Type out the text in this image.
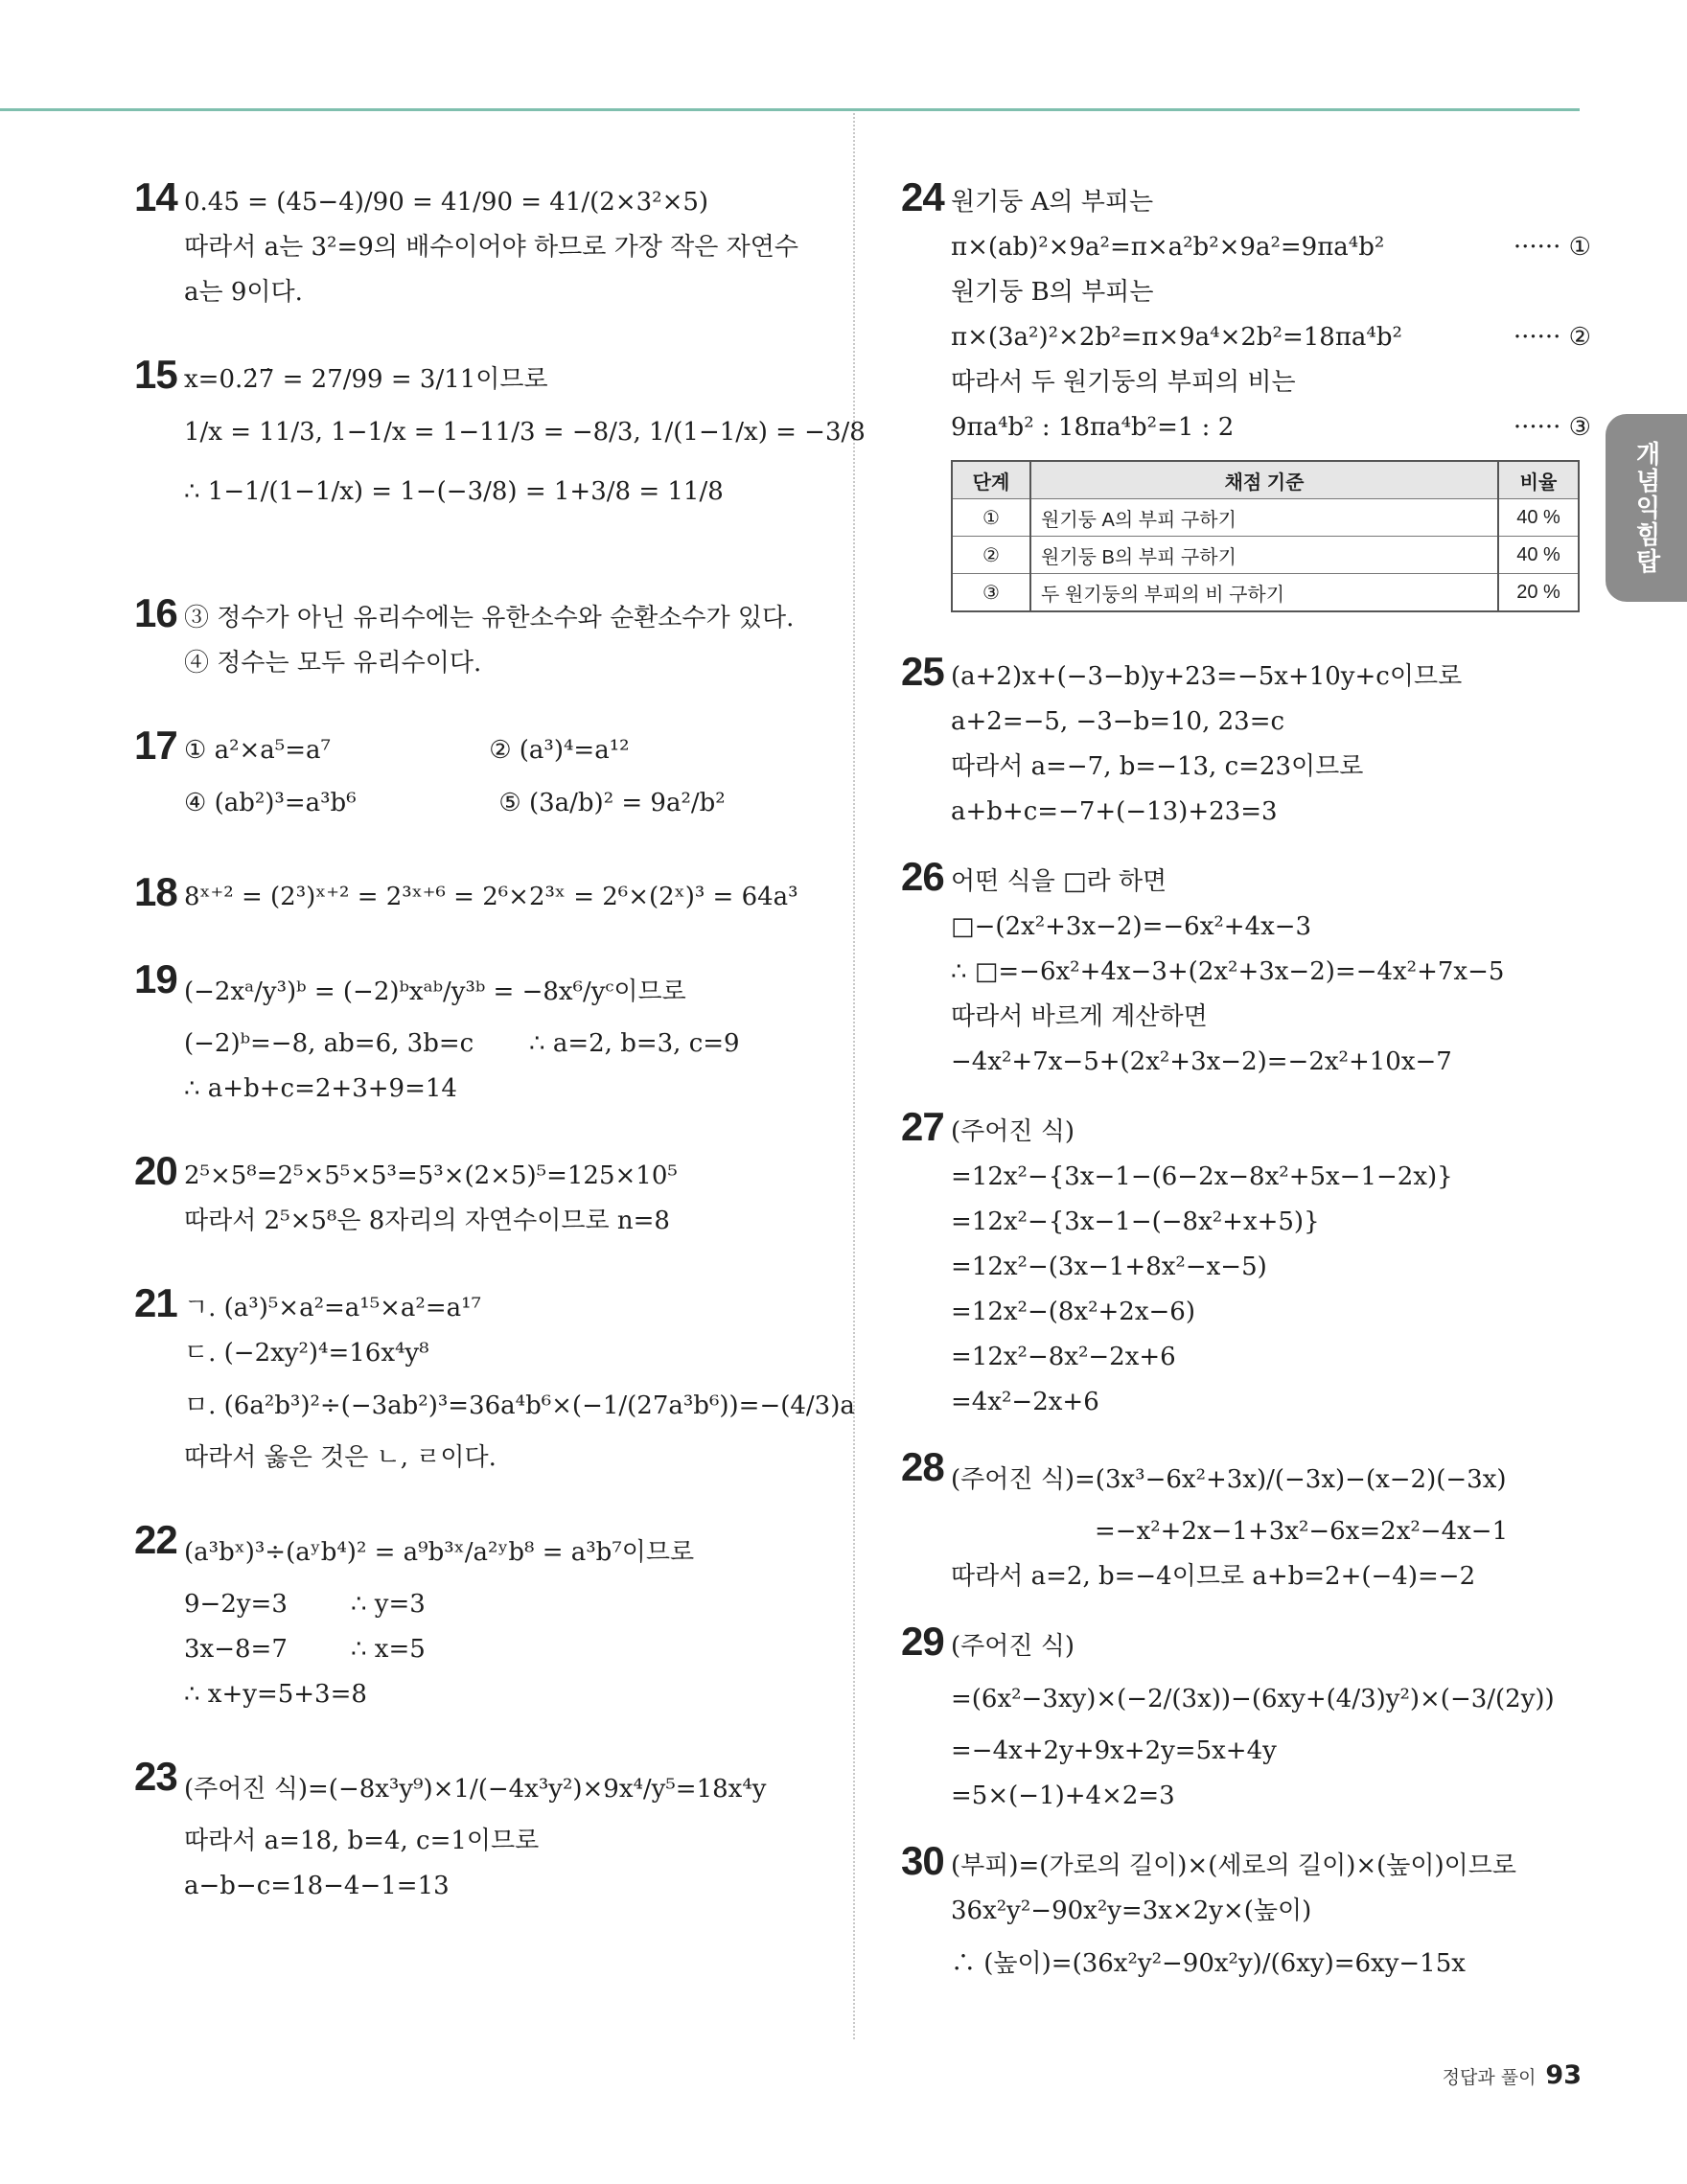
14 0.45̇ = (45−4)/90 = 41/90 = 41/(2×3²×5)
따라서 a는 3²=9의 배수이어야 하므로 가장 작은 자연수
a는 9이다.
15 x=0.2̇7̇ = 27/99 = 3/11이므로
1/x = 11/3, 1−1/x = 1−11/3 = −8/3, 1/(1−1/x) = −3/8
∴ 1−1/(1−1/x) = 1−(−3/8) = 1+3/8 = 11/8
16 ③ 정수가 아닌 유리수에는 유한소수와 순환소수가 있다.
④ 정수는 모두 유리수이다.
17 ① a²×a⁵=a⁷                    ② (a³)⁴=a¹²
④ (ab²)³=a³b⁶                  ⑤ (3a/b)² = 9a²/b²
18 8ˣ⁺² = (2³)ˣ⁺² = 2³ˣ⁺⁶ = 2⁶×2³ˣ = 2⁶×(2ˣ)³ = 64a³
19 (−2xᵃ/y³)ᵇ = (−2)ᵇxᵃᵇ/y³ᵇ = −8x⁶/yᶜ이므로
(−2)ᵇ=−8, ab=6, 3b=c       ∴ a=2, b=3, c=9
∴ a+b+c=2+3+9=14
20 2⁵×5⁸=2⁵×5⁵×5³=5³×(2×5)⁵=125×10⁵
따라서 2⁵×5⁸은 8자리의 자연수이므로 n=8
21 ㄱ. (a³)⁵×a²=a¹⁵×a²=a¹⁷
ㄷ. (−2xy²)⁴=16x⁴y⁸
ㅁ. (6a²b³)²÷(−3ab²)³=36a⁴b⁶×(−1/(27a³b⁶))=−(4/3)a
따라서 옳은 것은 ㄴ, ㄹ이다.
22 (a³bˣ)³÷(aʸb⁴)² = a⁹b³ˣ/a²ʸb⁸ = a³b⁷이므로
9−2y=3        ∴ y=3
3x−8=7        ∴ x=5
∴ x+y=5+3=8
23 (주어진 식)=(−8x³y⁹)×1/(−4x³y²)×9x⁴/y⁵=18x⁴y
따라서 a=18, b=4, c=1이므로
a−b−c=18−4−1=13
24 원기둥 A의 부피는
π×(ab)²×9a²=π×a²b²×9a²=9πa⁴b²	······ ①
원기둥 B의 부피는
π×(3a²)²×2b²=π×9a⁴×2b²=18πa⁴b²	······ ②
따라서 두 원기둥의 부피의 비는
9πa⁴b² : 18πa⁴b²=1 : 2	······ ③
단계	채점 기준	비율
①	원기둥 A의 부피 구하기	40 %
②	원기둥 B의 부피 구하기	40 %
③	두 원기둥의 부피의 비 구하기	20 %
25 (a+2)x+(−3−b)y+23=−5x+10y+c이므로
a+2=−5, −3−b=10, 23=c
따라서 a=−7, b=−13, c=23이므로
a+b+c=−7+(−13)+23=3
26 어떤 식을 □라 하면
□−(2x²+3x−2)=−6x²+4x−3
∴ □=−6x²+4x−3+(2x²+3x−2)=−4x²+7x−5
따라서 바르게 계산하면
−4x²+7x−5+(2x²+3x−2)=−2x²+10x−7
27 (주어진 식)
=12x²−{3x−1−(6−2x−8x²+5x−1−2x)}
=12x²−{3x−1−(−8x²+x+5)}
=12x²−(3x−1+8x²−x−5)
=12x²−(8x²+2x−6)
=12x²−8x²−2x+6
=4x²−2x+6
28 (주어진 식)=(3x³−6x²+3x)/(−3x)−(x−2)(−3x)
=−x²+2x−1+3x²−6x=2x²−4x−1
따라서 a=2, b=−4이므로 a+b=2+(−4)=−2
29 (주어진 식)
=(6x²−3xy)×(−2/(3x))−(6xy+(4/3)y²)×(−3/(2y))
=−4x+2y+9x+2y=5x+4y
=5×(−1)+4×2=3
30 (부피)=(가로의 길이)×(세로의 길이)×(높이)이므로
36x²y²−90x²y=3x×2y×(높이)
∴ (높이)=(36x²y²−90x²y)/(6xy)=6xy−15x
개념익힘탑
정답과 풀이 93
